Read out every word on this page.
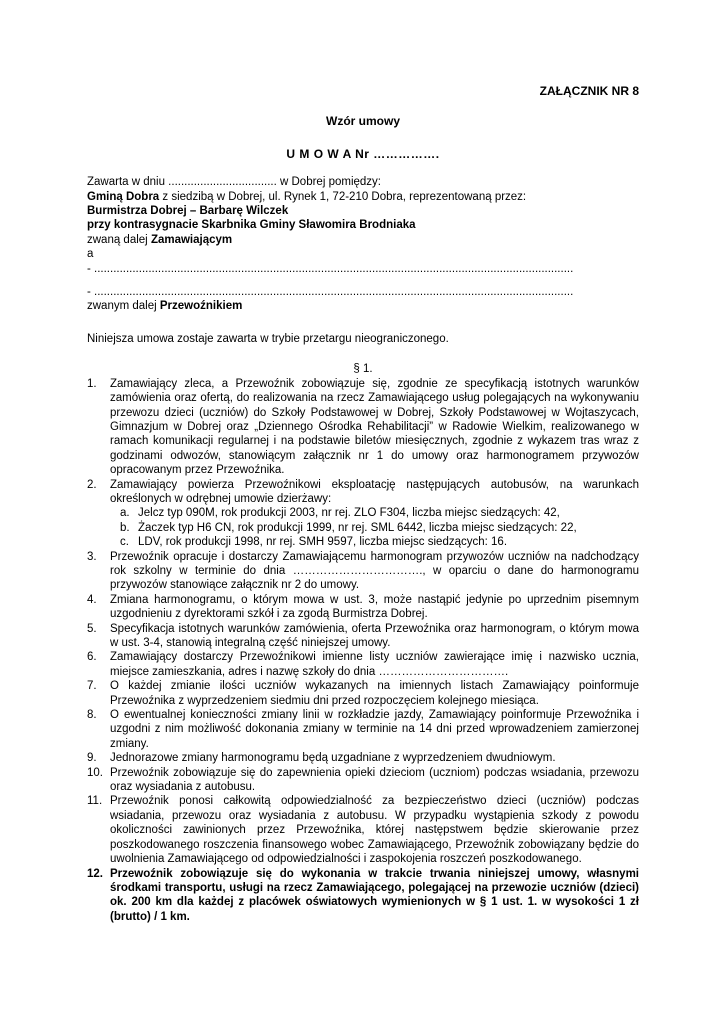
ZAŁĄCZNIK NR 8
Wzór umowy
U M O W A Nr …………….
Zawarta w dniu .................................. w Dobrej pomiędzy:
Gminą Dobra z siedzibą w Dobrej, ul. Rynek 1, 72-210 Dobra, reprezentowaną przez:
Burmistrza Dobrej – Barbarę Wilczek
przy kontrasygnacie Skarbnika Gminy Sławomira Brodniaka
zwaną dalej Zamawiającym
a
- ......................................................................................................................................................
- ......................................................................................................................................................
zwanym dalej Przewoźnikiem
Niniejsza umowa zostaje zawarta w trybie przetargu nieograniczonego.
§ 1.
1. Zamawiający zleca, a Przewoźnik zobowiązuje się, zgodnie ze specyfikacją istotnych warunków zamówienia oraz ofertą, do realizowania na rzecz Zamawiającego usług polegających na wykonywaniu przewozu dzieci (uczniów) do Szkoły Podstawowej w Dobrej, Szkoły Podstawowej w Wojtaszycach, Gimnazjum w Dobrej oraz „Dziennego Ośrodka Rehabilitacji” w Radowie Wielkim, realizowanego w ramach komunikacji regularnej i na podstawie biletów miesięcznych, zgodnie z wykazem tras wraz z godzinami odwozów, stanowiącym załącznik nr 1 do umowy oraz harmonogramem przywozów opracowanym przez Przewoźnika.
2. Zamawiający powierza Przewoźnikowi eksploatację następujących autobusów, na warunkach określonych w odrębnej umowie dzierżawy:
a. Jelcz typ 090M, rok produkcji 2003, nr rej. ZLO F304, liczba miejsc siedzących: 42,
b. Żaczek typ H6 CN, rok produkcji 1999, nr rej. SML 6442, liczba miejsc siedzących: 22,
c. LDV, rok produkcji 1998, nr rej. SMH 9597, liczba miejsc siedzących: 16.
3. Przewoźnik opracuje i dostarczy Zamawiającemu harmonogram przywozów uczniów na nadchodzący rok szkolny w terminie do dnia ……………………………., w oparciu o dane do harmonogramu przywozów stanowiące załącznik nr 2 do umowy.
4. Zmiana harmonogramu, o którym mowa w ust. 3, może nastąpić jedynie po uprzednim pisemnym uzgodnieniu z dyrektorami szkół i za zgodą Burmistrza Dobrej.
5. Specyfikacja istotnych warunków zamówienia, oferta Przewoźnika oraz harmonogram, o którym mowa w ust. 3-4, stanowią integralną część niniejszej umowy.
6. Zamawiający dostarczy Przewoźnikowi imienne listy uczniów zawierające imię i nazwisko ucznia, miejsce zamieszkania, adres i nazwę szkoły do dnia …………………………….
7. O każdej zmianie ilości uczniów wykazanych na imiennych listach Zamawiający poinformuje Przewoźnika z wyprzedzeniem siedmiu dni przed rozpoczęciem kolejnego miesiąca.
8. O ewentualnej konieczności zmiany linii w rozkładzie jazdy, Zamawiający poinformuje Przewoźnika i uzgodni z nim możliwość dokonania zmiany w terminie na 14 dni przed wprowadzeniem zamierzonej zmiany.
9. Jednorazowe zmiany harmonogramu będą uzgadniane z wyprzedzeniem dwudniowym.
10. Przewoźnik zobowiązuje się do zapewnienia opieki dzieciom (uczniom) podczas wsiadania, przewozu oraz wysiadania z autobusu.
11. Przewoźnik ponosi całkowitą odpowiedzialność za bezpieczeństwo dzieci (uczniów) podczas wsiadania, przewozu oraz wysiadania z autobusu. W przypadku wystąpienia szkody z powodu okoliczności zawinionych przez Przewoźnika, której następstwem będzie skierowanie przez poszkodowanego roszczenia finansowego wobec Zamawiającego, Przewoźnik zobowiązany będzie do uwolnienia Zamawiającego od odpowiedzialności i zaspokojenia roszczeń poszkodowanego.
12. Przewoźnik zobowiązuje się do wykonania w trakcie trwania niniejszej umowy, własnymi środkami transportu, usługi na rzecz Zamawiającego, polegającej na przewozie uczniów (dzieci) ok. 200 km dla każdej z placówek oświatowych wymienionych w § 1 ust. 1. w wysokości 1 zł (brutto) / 1 km.
